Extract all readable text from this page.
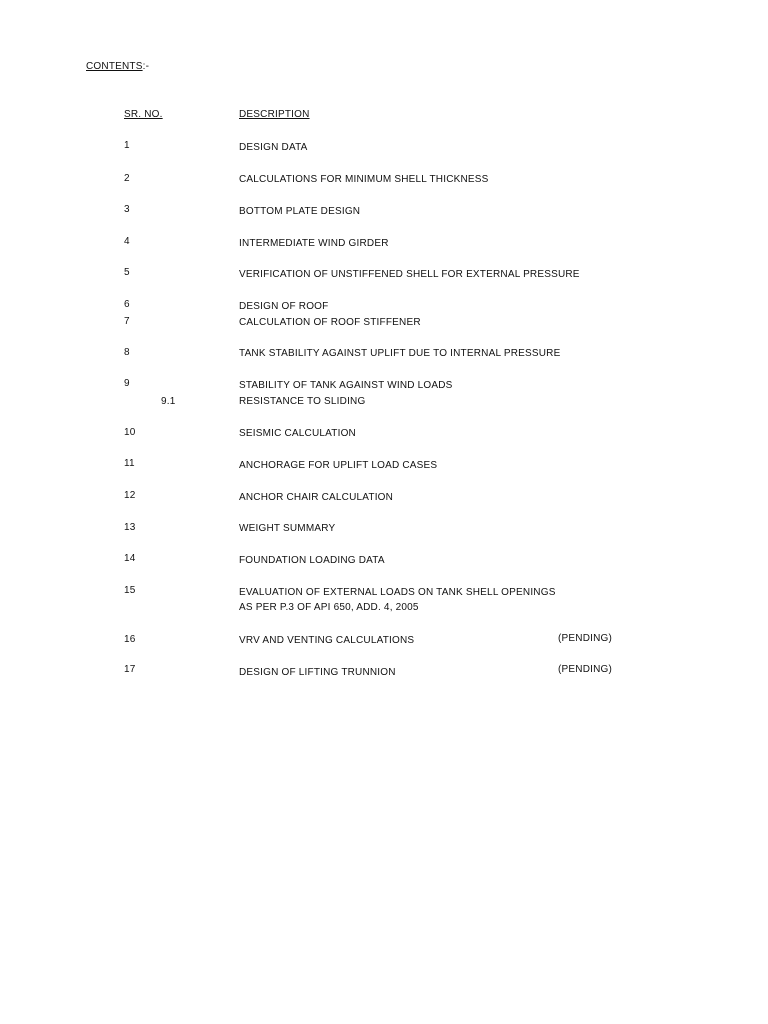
CONTENTS:-
SR. NO.	DESCRIPTION
1	DESIGN DATA
2	CALCULATIONS FOR MINIMUM SHELL THICKNESS
3	BOTTOM PLATE DESIGN
4	INTERMEDIATE WIND GIRDER
5	VERIFICATION OF UNSTIFFENED SHELL FOR EXTERNAL PRESSURE
6	DESIGN OF ROOF
7	CALCULATION OF ROOF STIFFENER
8	TANK STABILITY AGAINST UPLIFT DUE TO INTERNAL PRESSURE
9	STABILITY OF TANK AGAINST WIND LOADS
9.1	RESISTANCE TO SLIDING
10	SEISMIC CALCULATION
11	ANCHORAGE FOR UPLIFT LOAD CASES
12	ANCHOR CHAIR CALCULATION
13	WEIGHT SUMMARY
14	FOUNDATION LOADING DATA
15	EVALUATION OF EXTERNAL LOADS ON TANK SHELL OPENINGS
AS PER P.3 OF API 650, ADD. 4, 2005
16	VRV AND VENTING CALCULATIONS	(PENDING)
17	DESIGN OF LIFTING TRUNNION	(PENDING)
